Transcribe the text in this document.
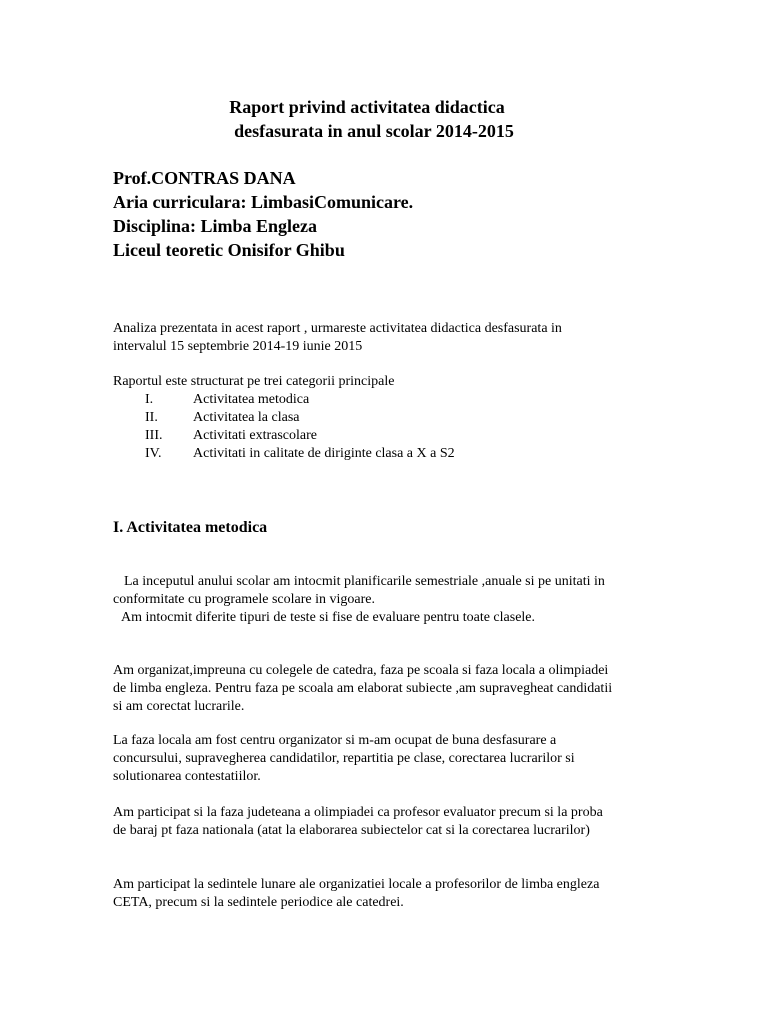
Raport privind activitatea didactica
desfasurata in anul scolar 2014-2015
Prof.CONTRAS DANA
Aria curriculara: LimbasiComunicare.
Disciplina: Limba Engleza
Liceul teoretic Onisifor Ghibu
Analiza prezentata in acest raport , urmareste activitatea didactica desfasurata in
intervalul 15 septembrie 2014-19 iunie 2015
Raportul este structurat pe trei categorii principale
I.	Activitatea metodica
II.	Activitatea la clasa
III.	Activitati extrascolare
IV.	Activitati in calitate de diriginte clasa a X a S2
I. Activitatea metodica
La inceputul anului scolar am intocmit planificarile semestriale ,anuale si pe unitati in
conformitate cu programele scolare in vigoare.
Am intocmit diferite tipuri de teste si fise de evaluare pentru toate clasele.
Am organizat,impreuna cu colegele de catedra, faza pe scoala si faza locala a olimpiadei
de limba engleza. Pentru faza pe scoala am elaborat subiecte ,am supravegheat candidatii
si am corectat lucrarile.
La faza locala am fost centru organizator si m-am ocupat de buna desfasurare a
concursului, supravegherea candidatilor, repartitia pe clase, corectarea lucrarilor si
solutionarea contestatiilor.
Am participat si la faza judeteana a olimpiadei ca profesor evaluator precum si la proba
de baraj pt faza nationala (atat la elaborarea subiectelor cat si la corectarea lucrarilor)
Am participat la sedintele lunare ale organizatiei locale a profesorilor de limba engleza
CETA, precum si la sedintele periodice ale catedrei.
